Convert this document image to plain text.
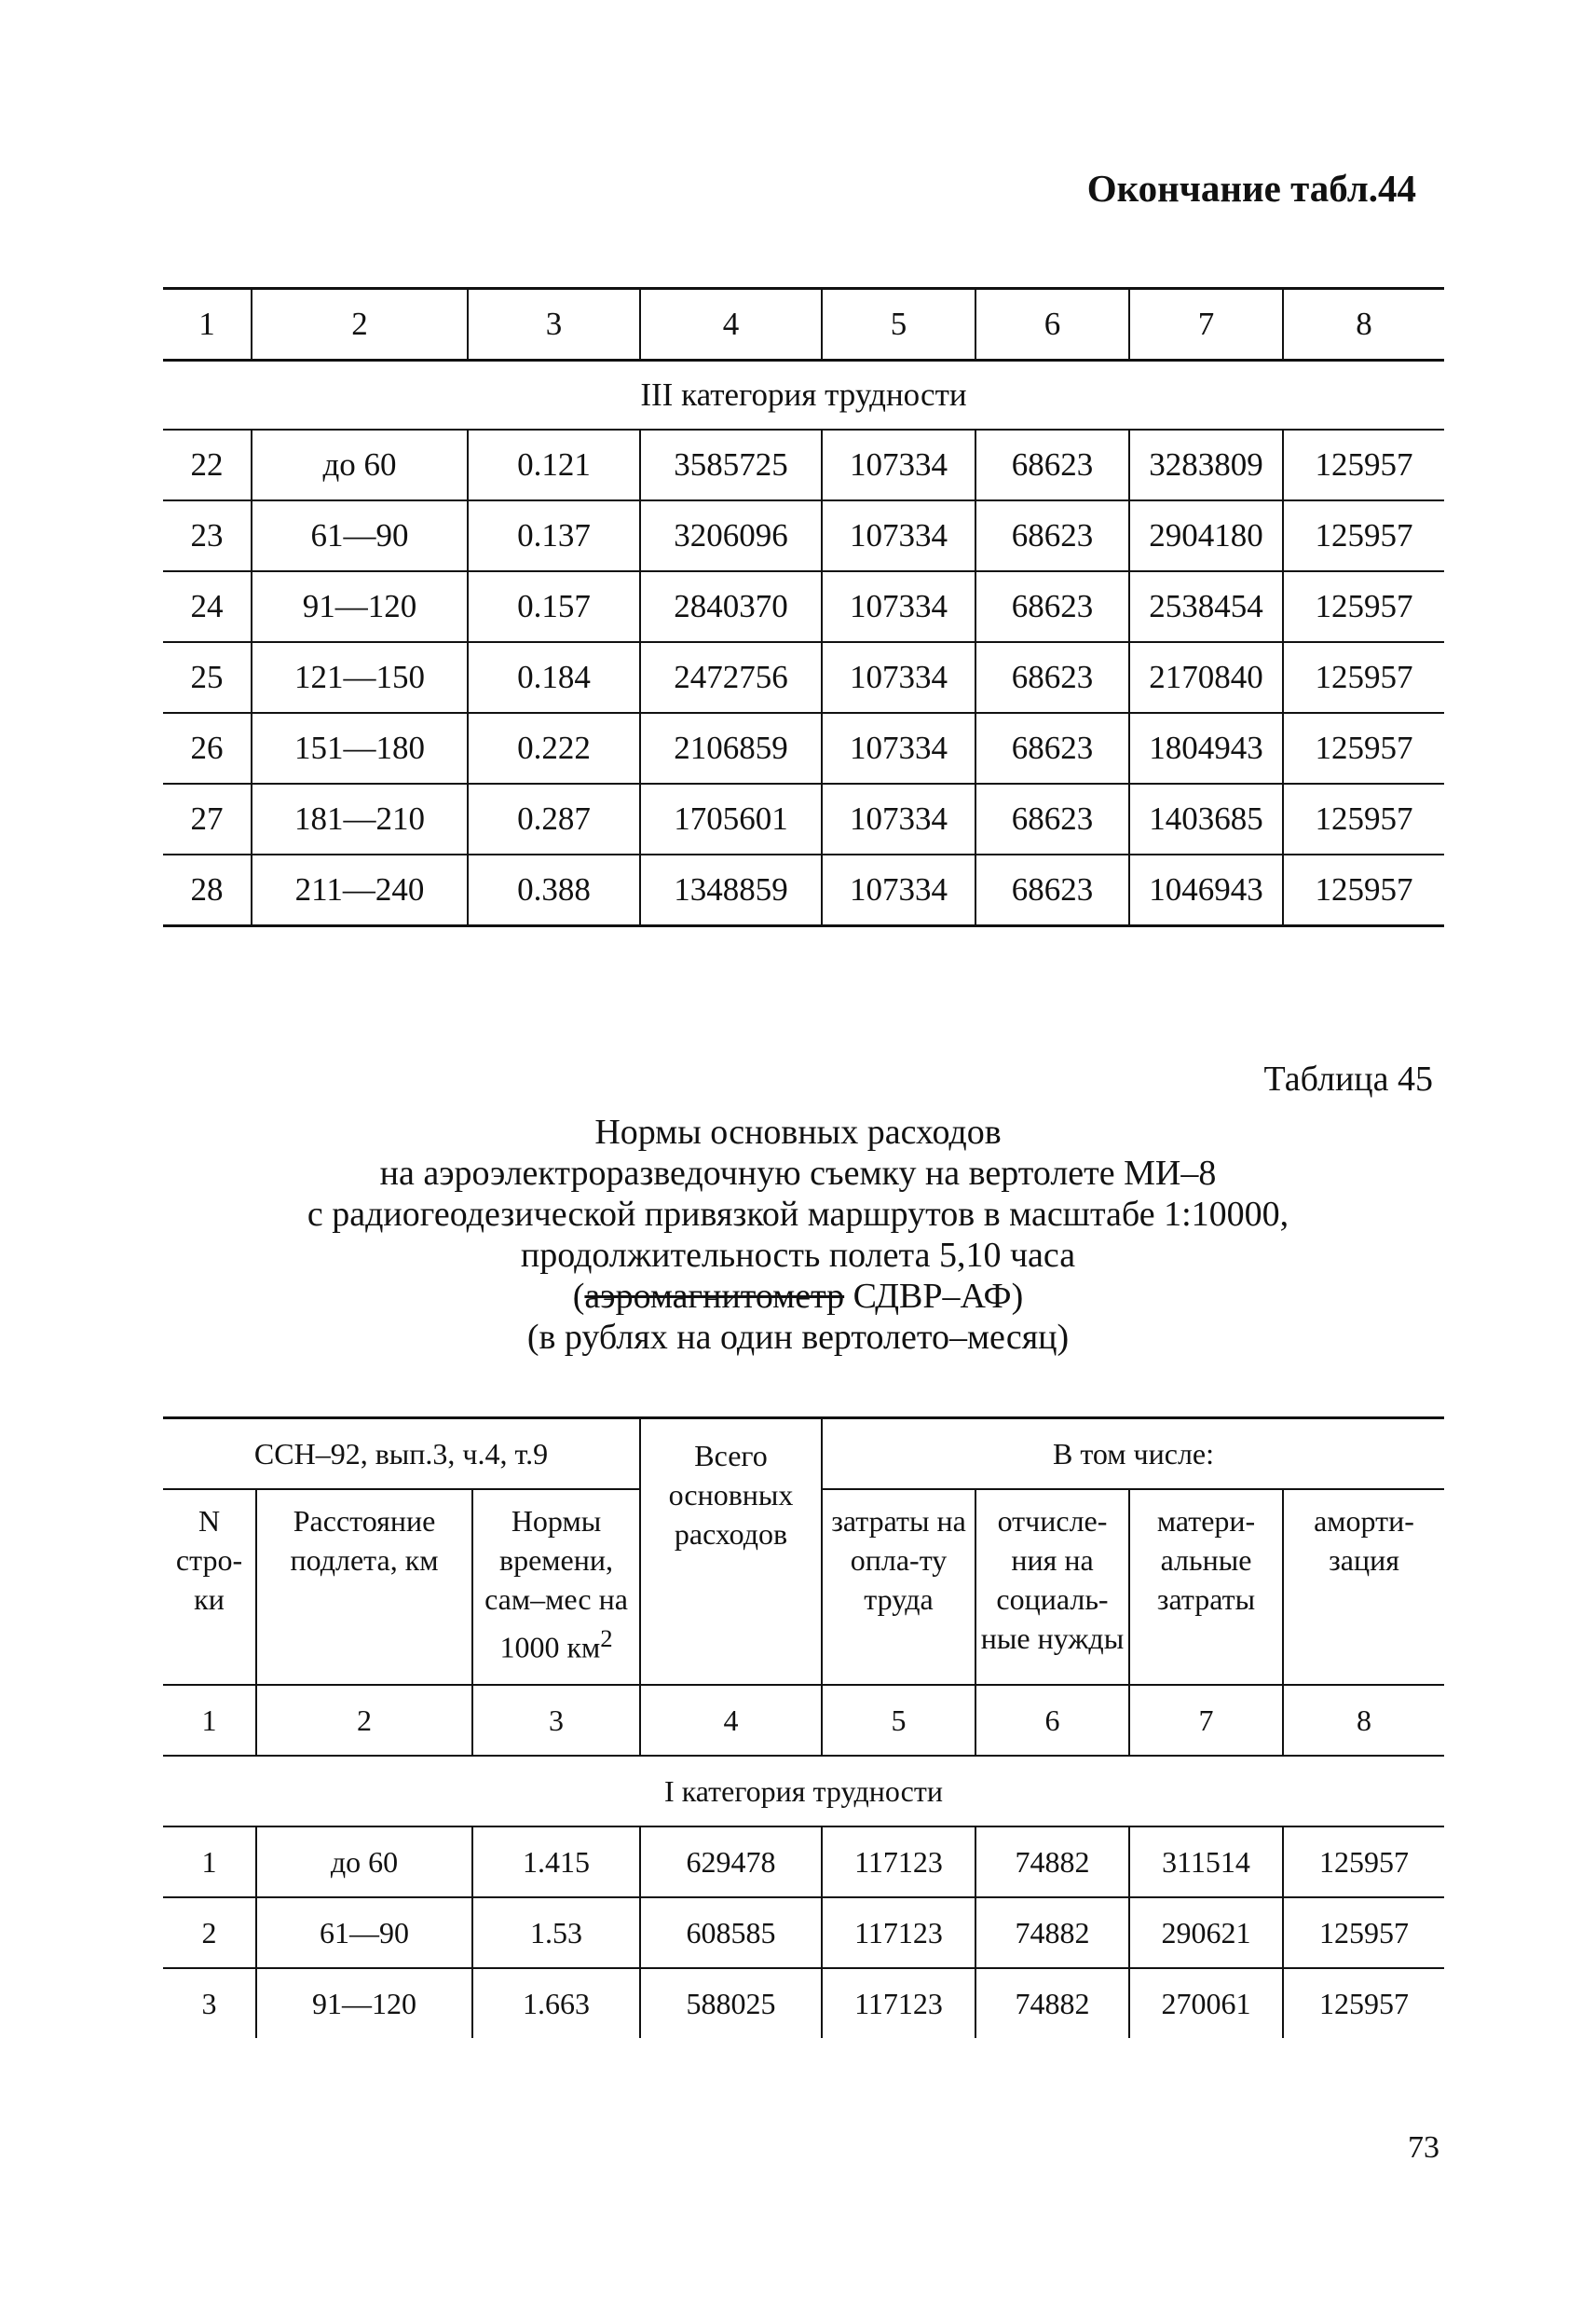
Окончание табл.44
1	2	3	4	5	6	7	8
III категория трудности							
22	до 60	0.121	3585725	107334	68623	3283809	125957
23	61—90	0.137	3206096	107334	68623	2904180	125957
24	91—120	0.157	2840370	107334	68623	2538454	125957
25	121—150	0.184	2472756	107334	68623	2170840	125957
26	151—180	0.222	2106859	107334	68623	1804943	125957
27	181—210	0.287	1705601	107334	68623	1403685	125957
28	211—240	0.388	1348859	107334	68623	1046943	125957
Таблица 45
Нормы основных расходов
на аэроэлектроразведочную съемку на вертолете МИ–8
с радиогеодезической привязкой маршрутов в масштабе 1:10000,
продолжительность полета 5,10 часа
(аэромагнитометр СДВР–АФ)
(в рублях на один вертолето–месяц)
ССН–92, вып.3, ч.4, т.9			Всего основных расходов	В том числе:			
N стро-ки	Расстояние подлета, км	Нормы времени, сам–мес на 1000 $км^2$		затраты на опла-ту труда	отчисле-ния на социаль-ные нужды	матери-альные затраты	аморти-зация
1	2	3	4	5	6	7	8
I категория трудности							
1	до 60	1.415	629478	117123	74882	311514	125957
2	61—90	1.53	608585	117123	74882	290621	125957
3	91—120	1.663	588025	117123	74882	270061	125957
73
